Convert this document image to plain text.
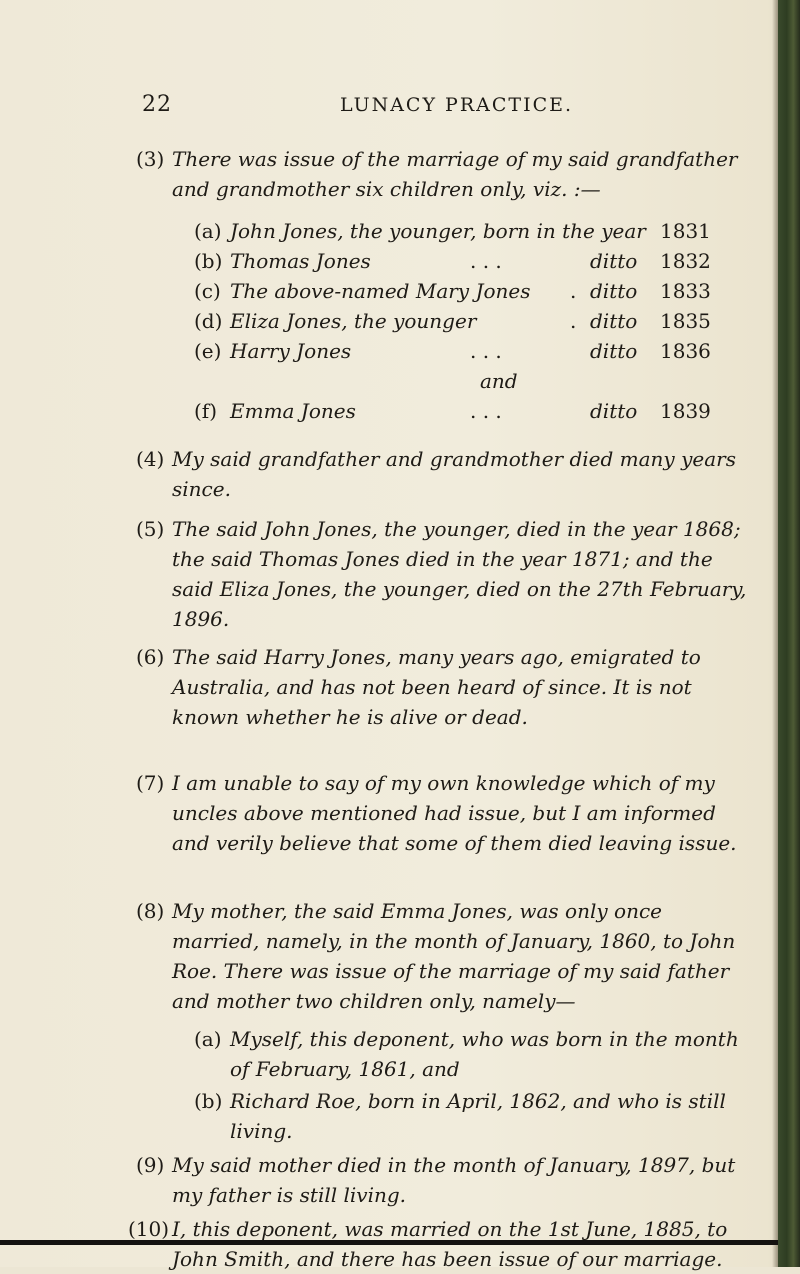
22	LUNACY PRACTICE.
(3) There was issue of the marriage of my said grandfather and grandmother six children only, viz. :—
(a) John Jones, the younger, born in the year 1831
(b) Thomas Jones	. . .	ditto 1832
(c) The above-named Mary Jones . ditto 1833
(d) Eliza Jones, the younger	. ditto 1835
(e) Harry Jones	. . .	ditto 1836
and
(f) Emma Jones	. . .	ditto 1839
(4) My said grandfather and grandmother died many years since.
(5) The said John Jones, the younger, died in the year 1868; the said Thomas Jones died in the year 1871; and the said Eliza Jones, the younger, died on the 27th February, 1896.
(6) The said Harry Jones, many years ago, emigrated to Australia, and has not been heard of since. It is not known whether he is alive or dead.
(7) I am unable to say of my own knowledge which of my uncles above mentioned had issue, but I am informed and verily believe that some of them died leaving issue.
(8) My mother, the said Emma Jones, was only once married, namely, in the month of January, 1860, to John Roe. There was issue of the marriage of my said father and mother two children only, namely—
(a) Myself, this deponent, who was born in the month of February, 1861, and
(b) Richard Roe, born in April, 1862, and who is still living.
(9) My said mother died in the month of January, 1897, but my father is still living.
(10) I, this deponent, was married on the 1st June, 1885, to John Smith, and there has been issue of our marriage.
